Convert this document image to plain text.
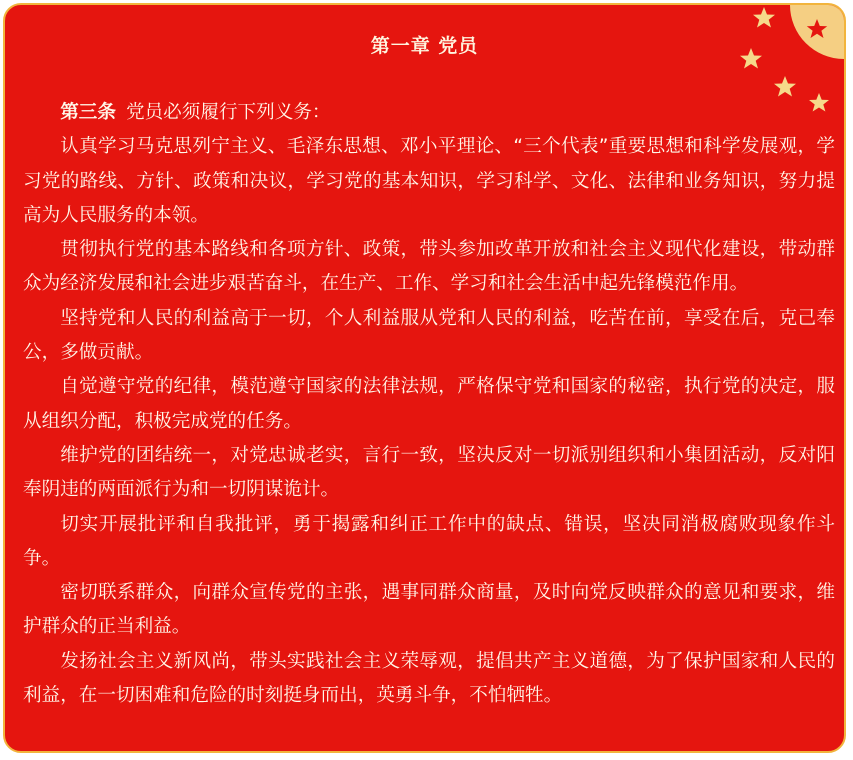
第一章 党员

第三条 党员必须履行下列义务：

认真学习马克思列宁主义、毛泽东思想、邓小平理论、“三个代表”重要思想和科学发展观，学习党的路线、方针、政策和决议，学习党的基本知识，学习科学、文化、法律和业务知识，努力提高为人民服务的本领。

贯彻执行党的基本路线和各项方针、政策，带头参加改革开放和社会主义现代化建设，带动群众为经济发展和社会进步艰苦奋斗，在生产、工作、学习和社会生活中起先锋模范作用。

坚持党和人民的利益高于一切，个人利益服从党和人民的利益，吃苦在前，享受在后，克己奉公，多做贡献。

自觉遵守党的纪律，模范遵守国家的法律法规，严格保守党和国家的秘密，执行党的决定，服从组织分配，积极完成党的任务。

维护党的团结统一，对党忠诚老实，言行一致，坚决反对一切派别组织和小集团活动，反对阳奉阴违的两面派行为和一切阴谋诡计。

切实开展批评和自我批评，勇于揭露和纠正工作中的缺点、错误，坚决同消极腐败现象作斗争。

密切联系群众，向群众宣传党的主张，遇事同群众商量，及时向党反映群众的意见和要求，维护群众的正当利益。

发扬社会主义新风尚，带头实践社会主义荣辱观，提倡共产主义道德，为了保护国家和人民的利益，在一切困难和危险的时刻挺身而出，英勇斗争，不怕牺牲。
